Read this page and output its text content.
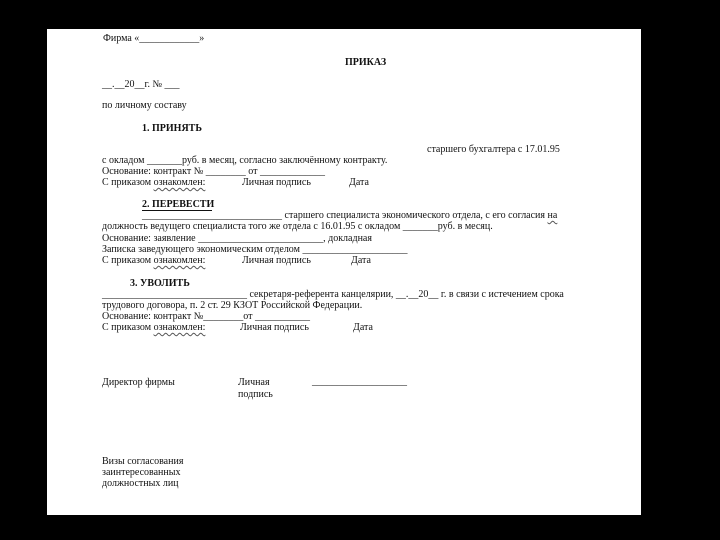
Фирма «____________»
ПРИКАЗ
__.__20__г. № ___
по личному составу
1. ПРИНЯТЬ
старшего бухгалтера с 17.01.95
с окладом _______руб. в месяц, согласно заключённому контракту.
Основание: контракт № ________ от _____________
С приказом ознакомлен:	Личная подпись	Дата
2. ПЕРЕВЕСТИ
____________________________ старшего специалиста экономического отдела, с его согласия на
должность ведущего специалиста того же отдела с 16.01.95 с окладом _______руб. в месяц.
Основание: заявление _________________________, докладная
Записка заведующего экономическим отделом _____________________
С приказом ознакомлен:	Личная подпись	Дата
3. УВОЛИТЬ
_____________________________ секретаря-референта канцелярии, __.__20__ г. в связи с истечением срока
трудового договора, п. 2 ст. 29 КЗОТ Российской Федерации.
Основание: контракт №________от ___________
С приказом ознакомлен:	Личная подпись	Дата
Директор фирмы	Личная
подпись
___________________
Визы согласования
заинтересованных
должностных лиц
